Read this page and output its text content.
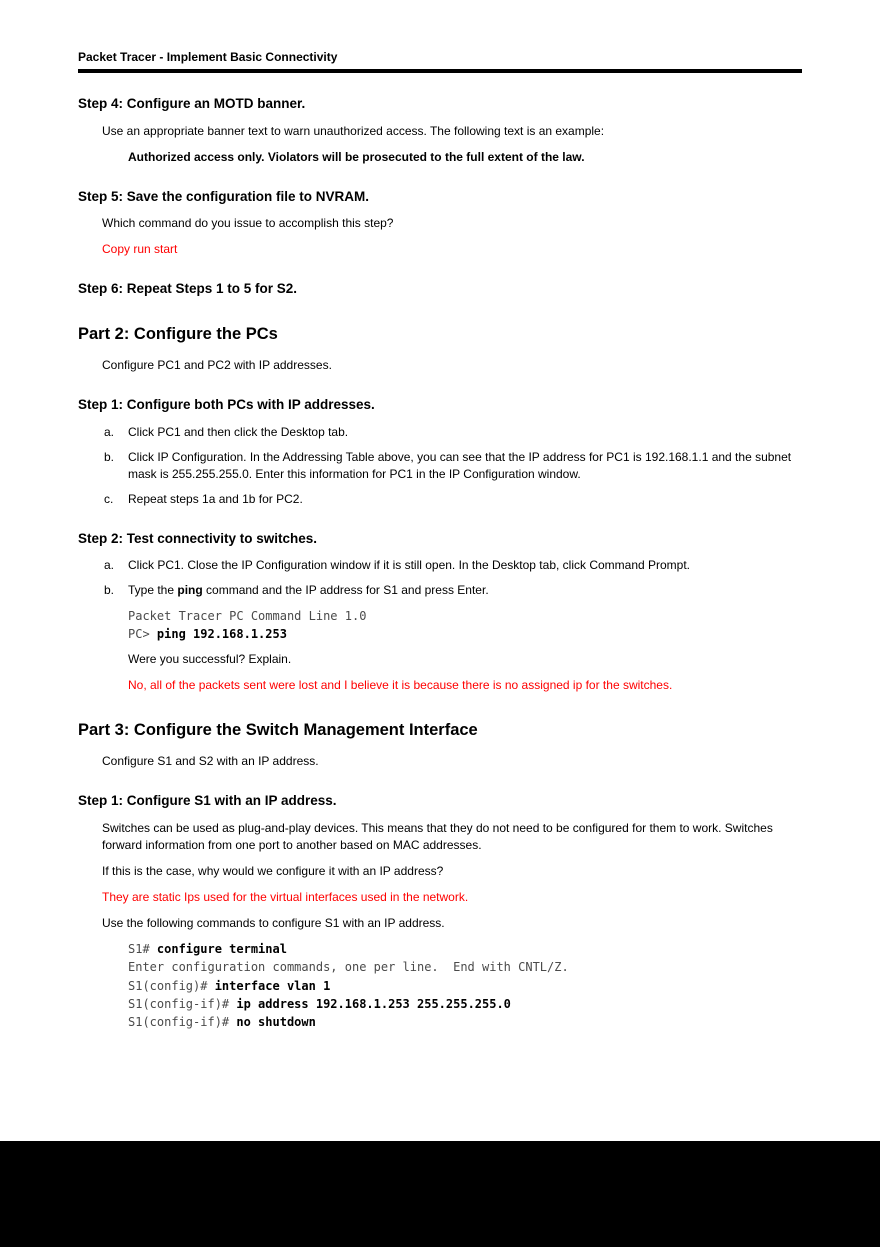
Packet Tracer - Implement Basic Connectivity
Step 4: Configure an MOTD banner.
Use an appropriate banner text to warn unauthorized access. The following text is an example:
Authorized access only. Violators will be prosecuted to the full extent of the law.
Step 5: Save the configuration file to NVRAM.
Which command do you issue to accomplish this step?
Copy run start
Step 6: Repeat Steps 1 to 5 for S2.
Part 2: Configure the PCs
Configure PC1 and PC2 with IP addresses.
Step 1: Configure both PCs with IP addresses.
a.	Click PC1 and then click the Desktop tab.
b.	Click IP Configuration. In the Addressing Table above, you can see that the IP address for PC1 is 192.168.1.1 and the subnet mask is 255.255.255.0. Enter this information for PC1 in the IP Configuration window.
c.	Repeat steps 1a and 1b for PC2.
Step 2: Test connectivity to switches.
a.	Click PC1. Close the IP Configuration window if it is still open. In the Desktop tab, click Command Prompt.
b.	Type the ping command and the IP address for S1 and press Enter.
Packet Tracer PC Command Line 1.0
PC> ping 192.168.1.253
Were you successful? Explain.
No, all of the packets sent were lost and I believe it is because there is no assigned ip for the switches.
Part 3: Configure the Switch Management Interface
Configure S1 and S2 with an IP address.
Step 1: Configure S1 with an IP address.
Switches can be used as plug-and-play devices. This means that they do not need to be configured for them to work. Switches forward information from one port to another based on MAC addresses.
If this is the case, why would we configure it with an IP address?
They are static Ips used for the virtual interfaces used in the network.
Use the following commands to configure S1 with an IP address.
S1# configure terminal
Enter configuration commands, one per line.  End with CNTL/Z.
S1(config)# interface vlan 1
S1(config-if)# ip address 192.168.1.253 255.255.255.0
S1(config-if)# no shutdown
